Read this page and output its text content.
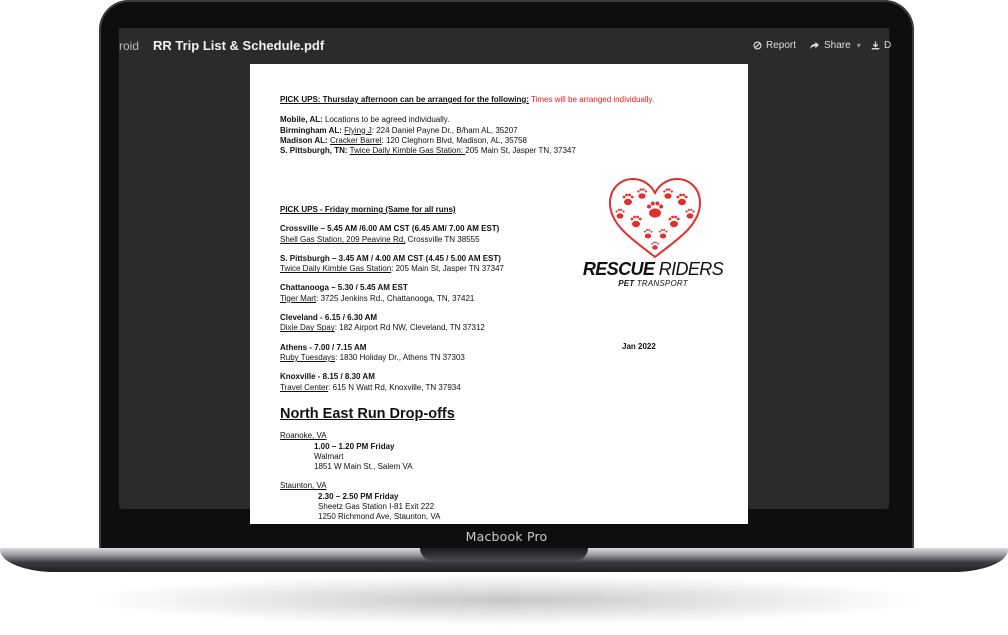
roid RR Trip List & Schedule.pdf	Report	Share ▾ D
PICK UPS: Thursday afternoon can be arranged for the following: Times will be arranged individually.
Mobile, AL: Locations to be agreed individually.
Birmingham AL: Flying J: 224 Daniel Payne Dr., B/ham AL, 35207
Madison AL: Cracker Barrel: 120 Cleghorn Blvd, Madison, AL, 35758
S. Pittsburgh, TN: Twice Daily Kimble Gas Station: 205 Main St, Jasper TN, 37347
PICK UPS - Friday morning (Same for all runs)
Crossville – 5.45 AM /6.00 AM CST (6.45 AM/ 7.00 AM EST)
Shell Gas Station, 209 Peavine Rd, Crossville TN 38555
S. Pittsburgh – 3.45 AM / 4.00 AM CST (4.45 / 5.00 AM EST)
Twice Daily Kimble Gas Station: 205 Main St, Jasper TN 37347
Chattanooga – 5.30 / 5.45 AM EST
Tiger Mart: 3725 Jenkins Rd., Chattanooga, TN, 37421
Cleveland - 6.15 / 6.30 AM
Dixie Day Spay: 182 Airport Rd NW, Cleveland, TN 37312
Athens - 7.00 / 7.15 AM
Ruby Tuesdays: 1830 Holiday Dr., Athens TN 37303
Knoxville - 8.15 / 8.30 AM
Travel Center: 615 N Watt Rd, Knoxville, TN 37934
RESCUE RIDERS
PET TRANSPORT
Jan 2022
North East Run Drop-offs
Roanoke, VA
1.00 – 1.20 PM Friday
Walmart
1851 W Main St., Salem VA
Staunton, VA
2.30 – 2.50 PM Friday
Sheetz Gas Station I-81 Exit 222
1250 Richmond Ave, Staunton, VA
Macbook Pro
